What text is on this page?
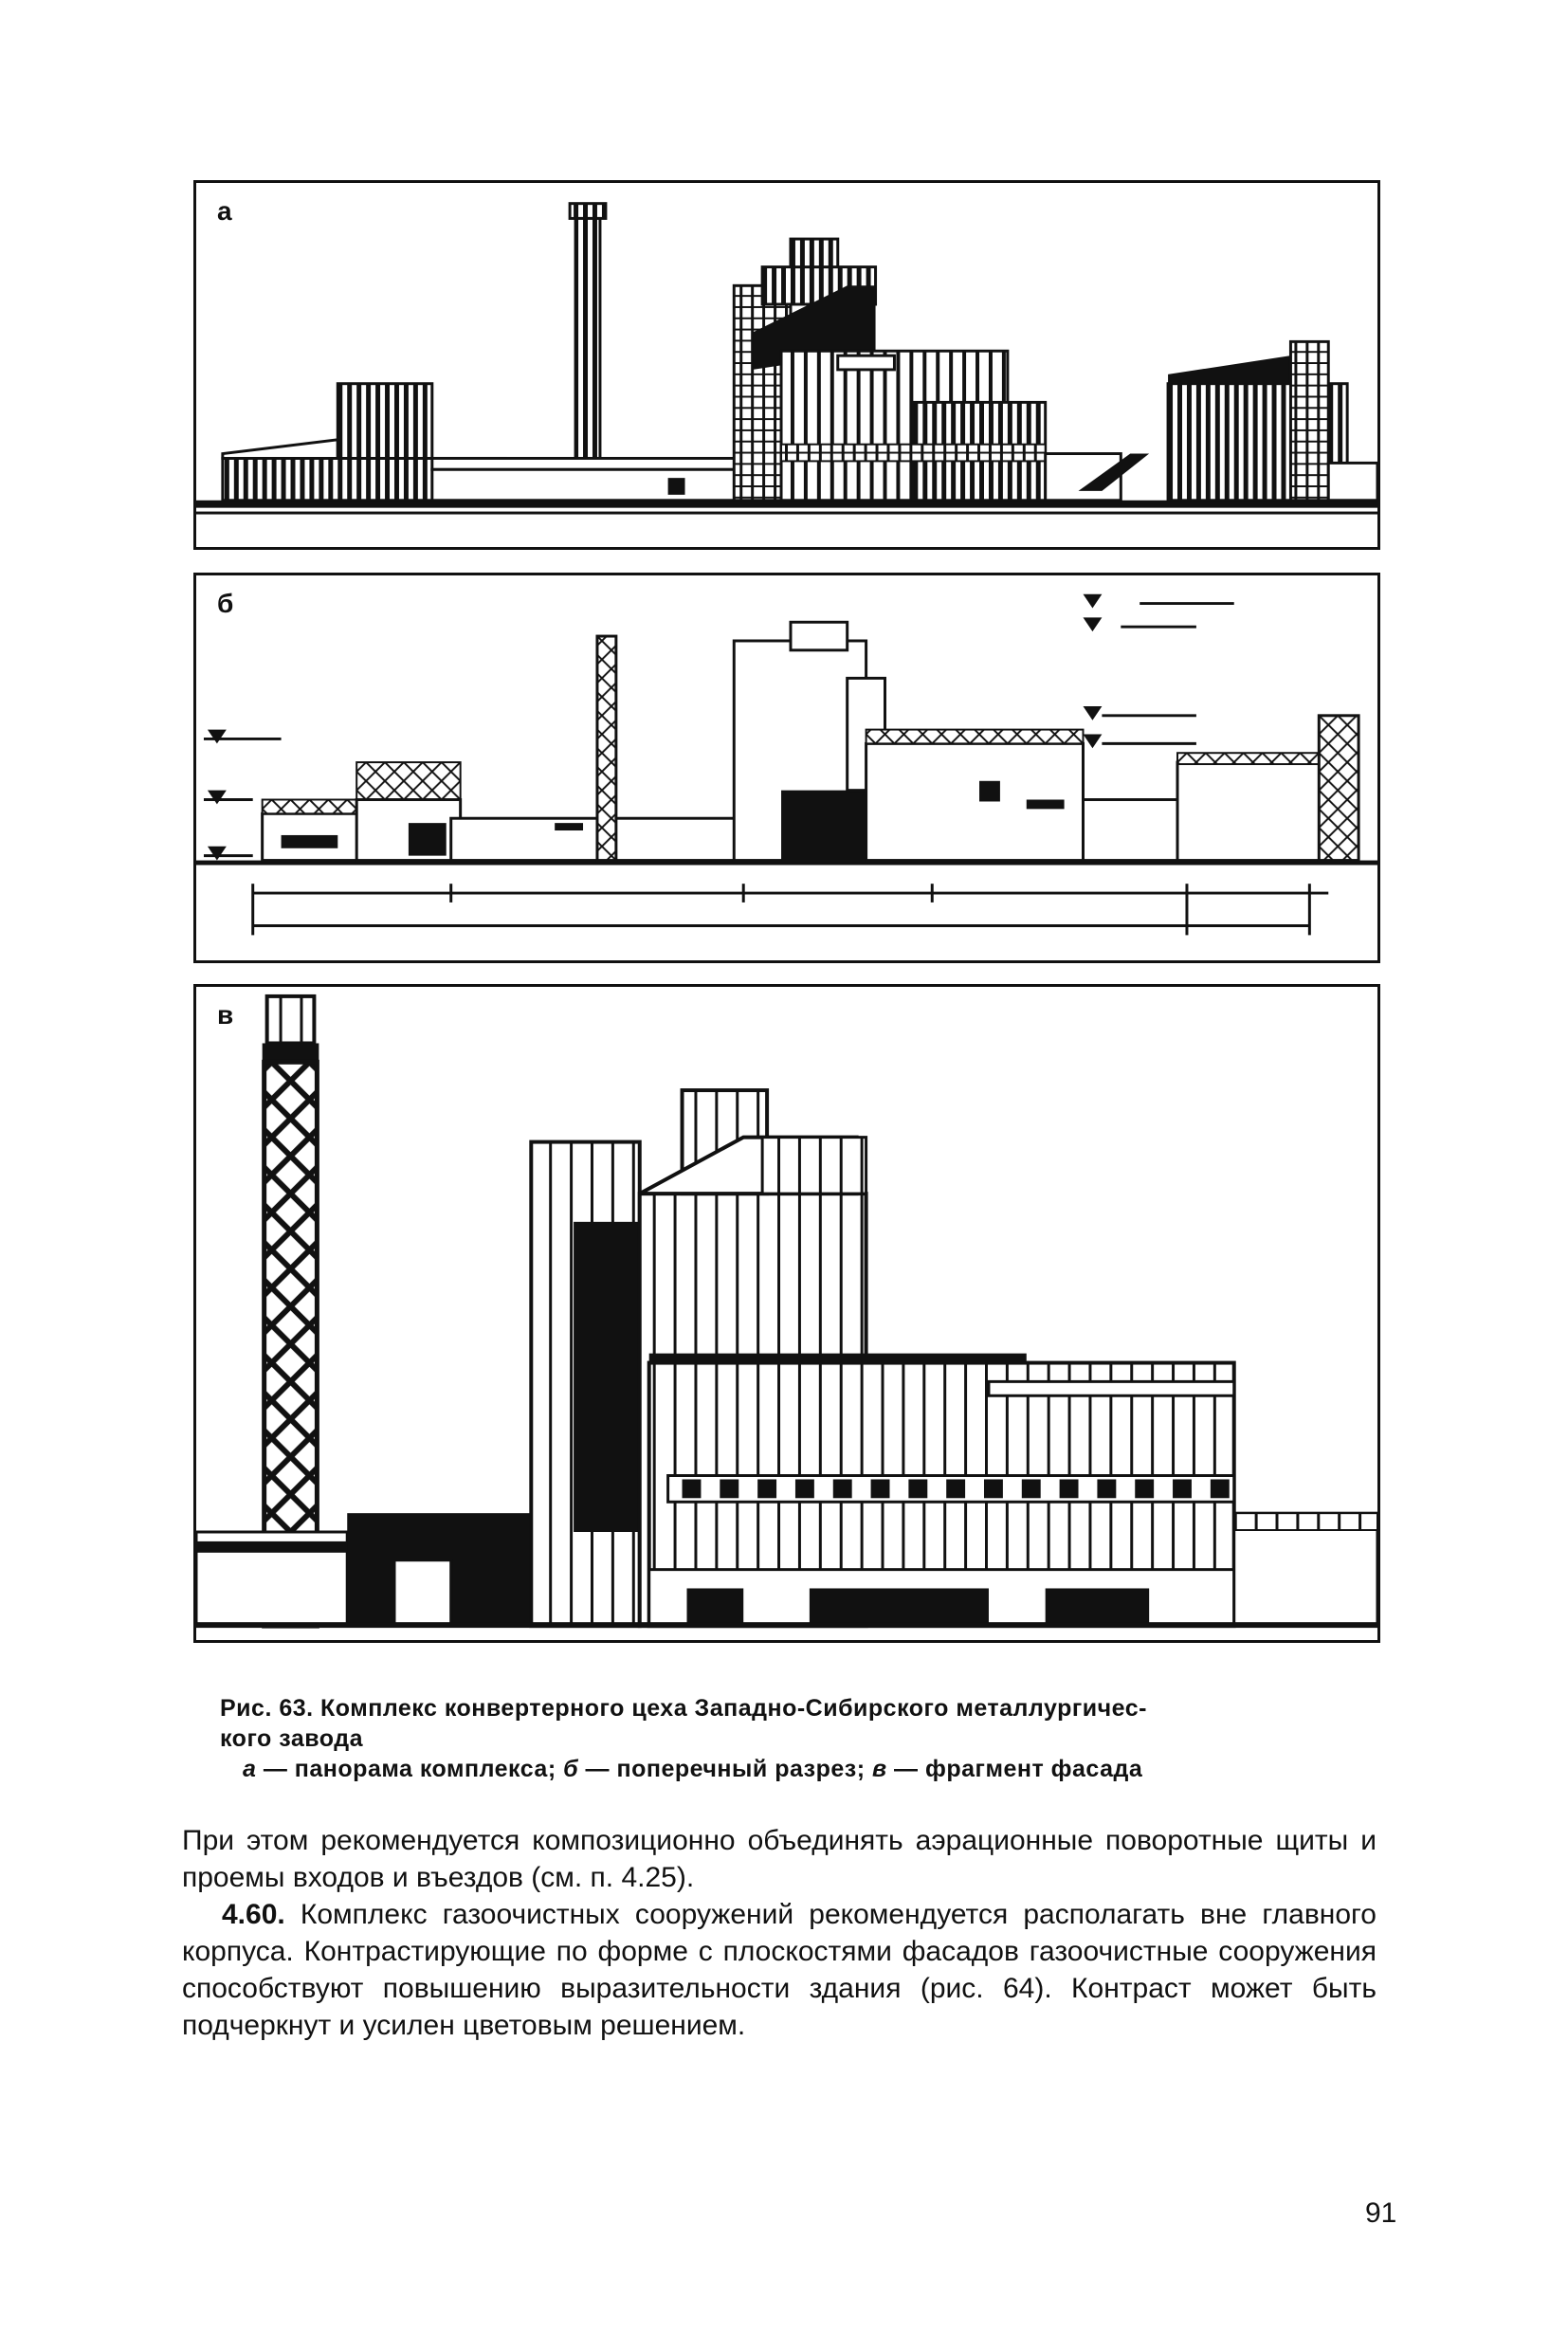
а
б
в
Рис. 63. Комплекс конвертерного цеха Западно-Сибирского металлургичес-
кого завода
а — панорама комплекса; б — поперечный разрез; в — фрагмент фасада

При этом рекомендуется композиционно объединять аэрационные поворотные щиты и проемы входов и въездов (см. п. 4.25).

4.60. Комплекс газоочистных сооружений рекомендуется располагать вне главного корпуса. Контрастирующие по форме с плоскостями фасадов газоочистные сооружения способствуют повышению выразительности здания (рис. 64). Контраст может быть подчеркнут и усилен цветовым решением.

91
